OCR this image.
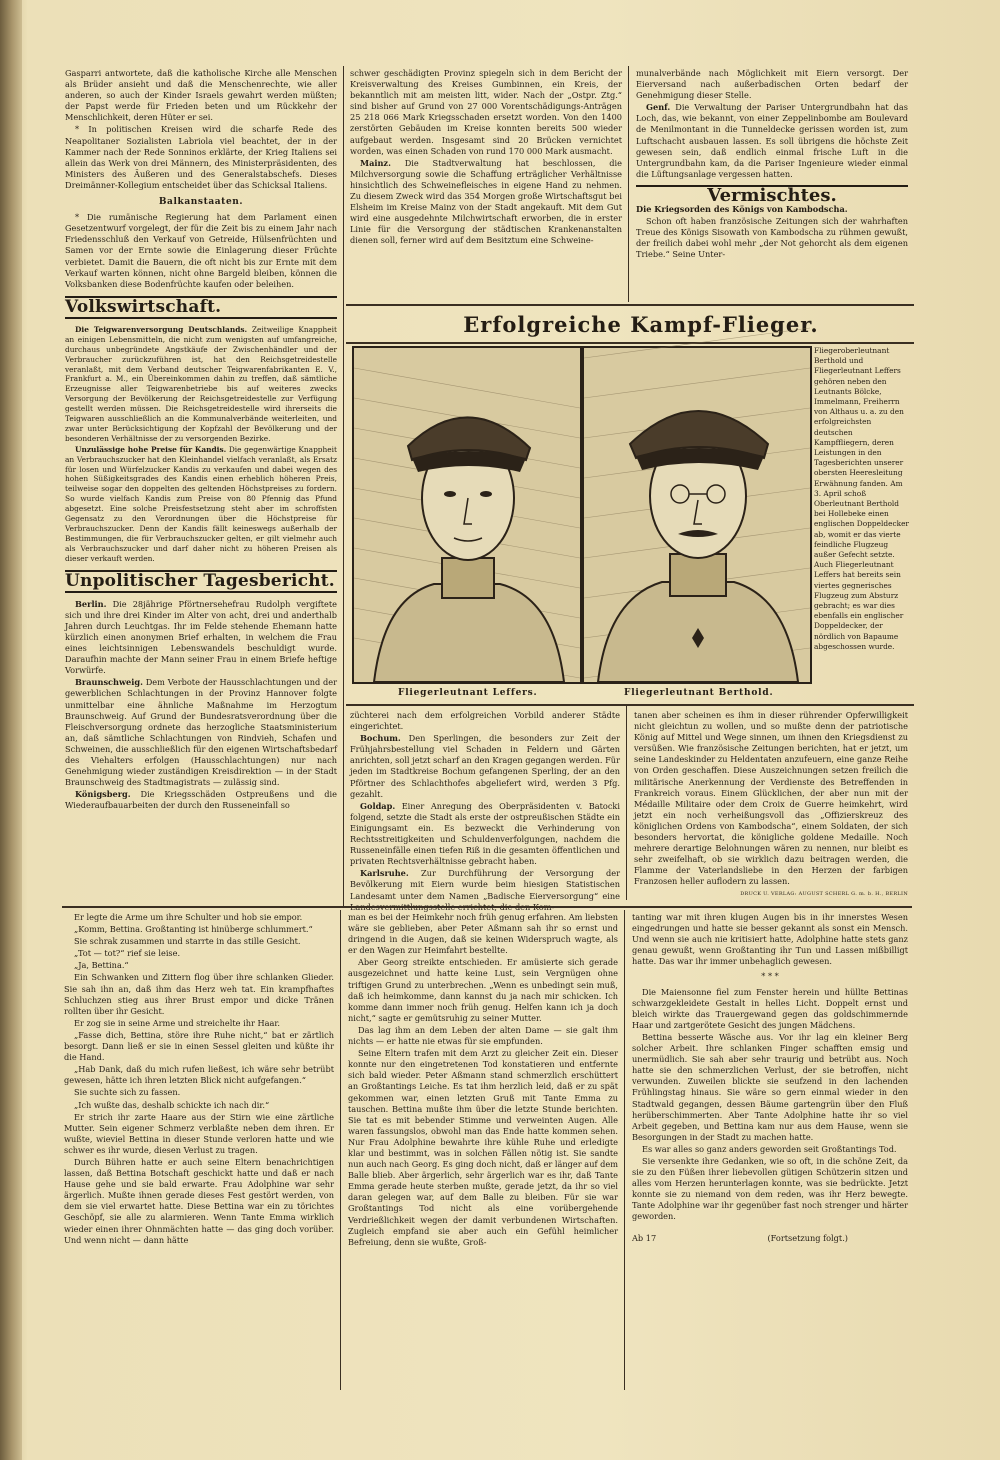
Gasparri antwortete, daß die katholische Kirche alle Menschen als Brüder ansieht und daß die Menschenrechte, wie aller anderen, so auch der Kinder Israels gewahrt werden müßten; der Papst werde für Frieden beten und um Rückkehr der Menschlichkeit, deren Hüter er sei.

* In politischen Kreisen wird die scharfe Rede des Neapolitaner Sozialisten Labriola viel beachtet, der in der Kammer nach der Rede Sonninos erklärte, der Krieg Italiens sei allein das Werk von drei Männern, des Ministerpräsidenten, des Ministers des Äußeren und des Generalstabschefs. Dieses Dreimänner-Kollegium entscheidet über das Schicksal Italiens.

Balkanstaaten.

* Die rumänische Regierung hat dem Parlament einen Gesetzentwurf vorgelegt, der für die Zeit bis zu einem Jahr nach Friedensschluß den Verkauf von Getreide, Hülsenfrüchten und Samen vor der Ernte sowie die Einlagerung dieser Früchte verbietet. Damit die Bauern, die oft nicht bis zur Ernte mit dem Verkauf warten können, nicht ohne Bargeld bleiben, können die Volksbanken diese Bodenfrüchte kaufen oder beleihen.

Volkswirtschaft.

Die Teigwarenversorgung Deutschlands. Zeitweilige Knappheit an einigen Lebensmitteln, die nicht zum wenigsten auf umfangreiche, durchaus unbegründete Angstkäufe der Zwischenhändler und der Verbraucher zurückzuführen ist, hat den Reichsgetreidestelle veranlaßt, mit dem Verband deutscher Teigwarenfabrikanten E. V., Frankfurt a. M., ein Übereinkommen dahin zu treffen, daß sämtliche Erzeugnisse aller Teigwarenbetriebe bis auf weiteres zwecks Versorgung der Bevölkerung der Reichsgetreidestelle zur Verfügung gestellt werden müssen. Die Reichsgetreidestelle wird ihrerseits die Teigwaren ausschließlich an die Kommunalverbände weiterleiten, und zwar unter Berücksichtigung der Kopfzahl der Bevölkerung und der besonderen Verhältnisse der zu versorgenden Bezirke.

Unzulässige hohe Preise für Kandis. Die gegenwärtige Knappheit an Verbrauchszucker hat den Kleinhandel vielfach veranlaßt, als Ersatz für losen und Würfelzucker Kandis zu verkaufen und dabei wegen des hohen Süßigkeitsgrades des Kandis einen erheblich höheren Preis, teilweise sogar den doppelten des geltenden Höchstpreises zu fordern. So wurde vielfach Kandis zum Preise von 80 Pfennig das Pfund abgesetzt. Eine solche Preisfestsetzung steht aber im schroffsten Gegensatz zu den Verordnungen über die Höchstpreise für Verbrauchszucker. Denn der Kandis fällt keineswegs außerhalb der Bestimmungen, die für Verbrauchszucker gelten, er gilt vielmehr auch als Verbrauchszucker und darf daher nicht zu höheren Preisen als dieser verkauft werden.

Unpolitischer Tagesbericht.

Berlin. Die 28jährige Pförtnersehefrau Rudolph vergiftete sich und ihre drei Kinder im Alter von acht, drei und anderthalb Jahren durch Leuchtgas. Ihr im Felde stehende Ehemann hatte kürzlich einen anonymen Brief erhalten, in welchem die Frau eines leichtsinnigen Lebenswandels beschuldigt wurde. Daraufhin machte der Mann seiner Frau in einem Briefe heftige Vorwürfe.

Braunschweig. Dem Verbote der Hausschlachtungen und der gewerblichen Schlachtungen in der Provinz Hannover folgte unmittelbar eine ähnliche Maßnahme im Herzogtum Braunschweig. Auf Grund der Bundesratsverordnung über die Fleischversorgung ordnete das herzogliche Staatsministerium an, daß sämtliche Schlachtungen von Rindvieh, Schafen und Schweinen, die ausschließlich für den eigenen Wirtschaftsbedarf des Viehalters erfolgen (Hausschlachtungen) nur nach Genehmigung wieder zuständigen Kreisdirektion — in der Stadt Braunschweig des Stadtmagistrats — zulässig sind.

Königsberg. Die Kriegsschäden Ostpreußens und die Wiederaufbauarbeiten der durch den Russeneinfall so

schwer geschädigten Provinz spiegeln sich in dem Bericht der Kreisverwaltung des Kreises Gumbinnen, ein Kreis, der bekanntlich mit am meisten litt, wider. Nach der „Ostpr. Ztg.“ sind bisher auf Grund von 27 000 Vorentschädigungs-Anträgen 25 218 066 Mark Kriegsschaden ersetzt worden. Von den 1400 zerstörten Gebäuden im Kreise konnten bereits 500 wieder aufgebaut werden. Insgesamt sind 20 Brücken vernichtet worden, was einen Schaden von rund 170 000 Mark ausmacht.

Mainz. Die Stadtverwaltung hat beschlossen, die Milchversorgung sowie die Schaffung erträglicher Verhältnisse hinsichtlich des Schweinefleisches in eigene Hand zu nehmen. Zu diesem Zweck wird das 354 Morgen große Wirtschaftsgut bei Elsheim im Kreise Mainz von der Stadt angekauft. Mit dem Gut wird eine ausgedehnte Milchwirtschaft erworben, die in erster Linie für die Versorgung der städtischen Krankenanstalten dienen soll, ferner wird auf dem Besitztum eine Schweine-

munalverbände nach Möglichkeit mit Eiern versorgt. Der Eierversand nach außerbadischen Orten bedarf der Genehmigung dieser Stelle.

Genf. Die Verwaltung der Pariser Untergrundbahn hat das Loch, das, wie bekannt, von einer Zeppelinbombe am Boulevard de Menilmontant in die Tunneldecke gerissen worden ist, zum Luftschacht ausbauen lassen. Es soll übrigens die höchste Zeit gewesen sein, daß endlich einmal frische Luft in die Untergrundbahn kam, da die Pariser Ingenieure wieder einmal die Lüftungsanlage vergessen hatten.

Vermischtes.

Die Kriegsorden des Königs von Kambodscha.

Schon oft haben französische Zeitungen sich der wahrhaften Treue des Königs Sisowath von Kambodscha zu rühmen gewußt, der freilich dabei wohl mehr „der Not gehorcht als dem eigenen Triebe.“ Seine Unter-

Erfolgreiche Kampf-Flieger.
Fliegerleutnant Leffers.	Fliegerleutnant Berthold.
Fliegeroberleutnant Berthold und Fliegerleutnant Leffers gehören neben den Leutnants Bölcke, Immelmann, Freiherrn von Althaus u. a. zu den erfolgreichsten deutschen Kampffliegern, deren Leistungen in den Tagesberichten unserer obersten Heeresleitung Erwähnung fanden. Am 3. April schoß Oberleutnant Berthold bei Hollebeke einen englischen Doppeldecker ab, womit er das vierte feindliche Flugzeug außer Gefecht setzte. Auch Fliegerleutnant Leffers hat bereits sein viertes gegnerisches Flugzeug zum Absturz gebracht; es war dies ebenfalls ein englischer Doppeldecker, der nördlich von Bapaume abgeschossen wurde.

züchterei nach dem erfolgreichen Vorbild anderer Städte eingerichtet.

Bochum. Den Sperlingen, die besonders zur Zeit der Frühjahrsbestellung viel Schaden in Feldern und Gärten anrichten, soll jetzt scharf an den Kragen gegangen werden. Für jeden im Stadtkreise Bochum gefangenen Sperling, der an den Pförtner des Schlachthofes abgeliefert wird, werden 3 Pfg. gezahlt.

Goldap. Einer Anregung des Oberpräsidenten v. Batocki folgend, setzte die Stadt als erste der ostpreußischen Städte ein Einigungsamt ein. Es bezweckt die Verhinderung von Rechtsstreitigkeiten und Schuldenverfolgungen, nachdem die Russeneinfälle einen tiefen Riß in die gesamten öffentlichen und privaten Rechtsverhältnisse gebracht haben.

Karlsruhe. Zur Durchführung der Versorgung der Bevölkerung mit Eiern wurde beim hiesigen Statistischen Landesamt unter dem Namen „Badische Eierversorgung“ eine

tanen aber scheinen es ihm in dieser rührender Opferwilligkeit nicht gleichtun zu wollen, und so mußte denn der patriotische König auf Mittel und Wege sinnen, um ihnen den Kriegsdienst zu versüßen. Wie französische Zeitungen berichten, hat er jetzt, um seine Landeskinder zu Heldentaten anzufeuern, eine ganze Reihe von Orden geschaffen. Diese Auszeichnungen setzen freilich die militärische Anerkennung der Verdienste des Betreffenden in Frankreich voraus. Einem Glücklichen, der aber nun mit der Médaille Militaire oder dem Croix de Guerre heimkehrt, wird jetzt ein noch verheißungsvoll das „Offizierskreuz des königlichen Ordens von Kambodscha“, einem Soldaten, der sich besonders hervortat, die königliche goldene Medaille. Noch mehrere derartige Belohnungen wären zu nennen, nur bleibt es sehr zweifelhaft, ob sie wirklich dazu beitragen werden, die Flamme der Vaterlandsliebe in den Herzen der farbigen Franzosen heller auflodern zu lassen.

DRUCK U. VERLAG: AUGUST SCHERL G. m. b. H., BERLIN

Er legte die Arme um ihre Schulter und hob sie empor.

„Komm, Bettina. Großtanting ist hinüberge schlummert.“

Sie schrak zusammen und starrte in das stille Gesicht.

„Tot — tot?“ rief sie leise.

„Ja, Bettina.“

Ein Schwanken und Zittern flog über ihre schlanken Glieder. Sie sah ihn an, daß ihm das Herz weh tat. Ein krampfhaftes Schluchzen stieg aus ihrer Brust empor und dicke Tränen rollten über ihr Gesicht.

Er zog sie in seine Arme und streichelte ihr Haar.

„Fasse dich, Bettina, störe ihre Ruhe nicht,“ bat er zärtlich besorgt. Dann ließ er sie in einen Sessel gleiten und küßte ihr die Hand.

„Hab Dank, daß du mich rufen ließest, ich wäre sehr betrübt gewesen, hätte ich ihren letzten Blick nicht aufgefangen.“

Sie suchte sich zu fassen.

„Ich wußte das, deshalb schickte ich nach dir.“

Er strich ihr zarte Haare aus der Stirn wie eine zärtliche Mutter. Sein eigener Schmerz verblaßte neben dem ihren. Er wußte, wieviel Bettina in dieser Stunde verloren hatte und wie schwer es ihr wurde, diesen Verlust zu tragen.

Durch Bühren hatte er auch seine Eltern benachrichtigen lassen, daß Bettina Botschaft geschickt hatte und daß er nach Hause gehe und sie bald erwarte. Frau Adolphine war sehr ärgerlich. Mußte ihnen gerade dieses Fest gestört werden, von dem sie viel erwartet hatte. Diese Bettina war ein zu törichtes Geschöpf, sie alle zu alarmieren. Wenn Tante Emma wirklich wieder einen ihrer Ohnmächten hatte — das ging doch vorüber. Und wenn nicht — dann hätte

man es bei der Heimkehr noch früh genug erfahren. Am liebsten wäre sie geblieben, aber Peter Aßmann sah ihr so ernst und dringend in die Augen, daß sie keinen Widerspruch wagte, als er den Wagen zur Heimfahrt bestellte.

Aber Georg streikte entschieden. Er amüsierte sich gerade ausgezeichnet und hatte keine Lust, sein Vergnügen ohne triftigen Grund zu unterbrechen. „Wenn es unbedingt sein muß, daß ich heimkomme, dann kannst du ja nach mir schicken. Ich komme dann immer noch früh genug. Helfen kann ich ja doch nicht,“ sagte er gemütsruhig zu seiner Mutter.

Das lag ihm an dem Leben der alten Dame — sie galt ihm nichts — er hatte nie etwas für sie empfunden.

Seine Eltern trafen mit dem Arzt zu gleicher Zeit ein. Dieser konnte nur den eingetretenen Tod konstatieren und entfernte sich bald wieder. Peter Aßmann stand schmerzlich erschüttert an Großtantings Leiche. Es tat ihm herzlich leid, daß er zu spät gekommen war, einen letzten Gruß mit Tante Emma zu tauschen. Bettina mußte ihm über die letzte Stunde berichten. Sie tat es mit bebender Stimme und verweinten Augen. Alle waren fassungslos, obwohl man das Ende hatte kommen sehen. Nur Frau Adolphine bewahrte ihre kühle Ruhe und erledigte klar und bestimmt, was in solchen Fällen nötig ist. Sie sandte nun auch nach Georg. Es ging doch nicht, daß er länger auf dem Balle blieb. Aber ärgerlich, sehr ärgerlich war es ihr, daß Tante Emma gerade heute sterben mußte, gerade jetzt, da ihr so viel daran gelegen war, auf dem Balle zu bleiben. Für sie war Großtantings Tod nicht als eine vorübergehende Verdrießlichkeit wegen der damit verbundenen Wirtschaften. Zugleich empfand sie aber auch ein Gefühl heimlicher Befreiung, denn sie wußte, Groß-

tanting war mit ihren klugen Augen bis in ihr innerstes Wesen eingedrungen und hatte sie besser gekannt als sonst ein Mensch. Und wenn sie auch nie kritisiert hatte, Adolphine hatte stets ganz genau gewußt, wenn Großtanting ihr Tun und Lassen mißbilligt hatte. Das war ihr immer unbehaglich gewesen.

* * *

Die Maiensonne fiel zum Fenster herein und hüllte Bettinas schwarzgekleidete Gestalt in helles Licht. Doppelt ernst und bleich wirkte das Trauergewand gegen das goldschimmernde Haar und zartgerötete Gesicht des jungen Mädchens.

Bettina besserte Wäsche aus. Vor ihr lag ein kleiner Berg solcher Arbeit. Ihre schlanken Finger schafften emsig und unermüdlich. Sie sah aber sehr traurig und betrübt aus. Noch hatte sie den schmerzlichen Verlust, der sie betroffen, nicht verwunden. Zuweilen blickte sie seufzend in den lachenden Frühlingstag hinaus. Sie wäre so gern einmal wieder in den Stadtwald gegangen, dessen Bäume gartengrün über den Fluß herüberschimmerten. Aber Tante Adolphine hatte ihr so viel Arbeit gegeben, und Bettina kam nur aus dem Hause, wenn sie Besorgungen in der Stadt zu machen hatte.

Es war alles so ganz anders geworden seit Großtantings Tod.

Sie versenkte ihre Gedanken, wie so oft, in die schöne Zeit, da sie zu den Füßen ihrer liebevollen gütigen Schützerin sitzen und alles vom Herzen herunterlagen konnte, was sie bedrückte. Jetzt konnte sie zu niemand von dem reden, was ihr Herz bewegte. Tante Adolphine war ihr gegenüber fast noch strenger und härter geworden.

Ab 17	(Fortsetzung folgt.)
